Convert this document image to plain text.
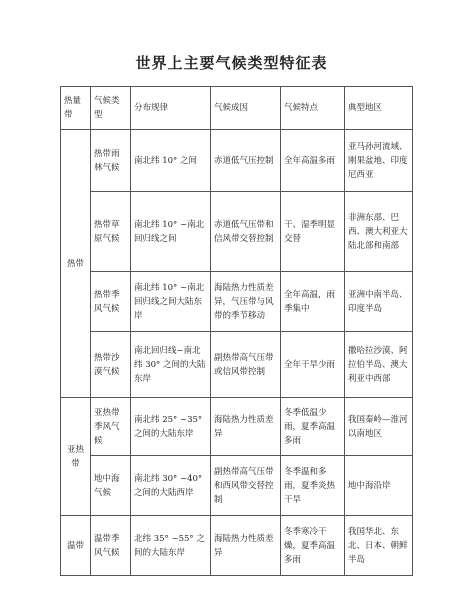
世界上主要气候类型特征表
热量带	气候类型	分布规律	气候成因	气候特点	典型地区
热带	热带雨林气候	南北纬 10° 之间	赤道低气压控制	全年高温多雨	亚马孙河流域、刚果盆地、印度尼西亚
	热带草原气候	南北纬 10° ~南北回归线之间	赤道低气压带和信风带交替控制	干、湿季明显交替	非洲东部、巴西、澳大利亚大陆北部和南部
	热带季风气候	南北纬 10° ~南北回归线之间大陆东岸	海陆热力性质差异，气压带与风带的季节移动	全年高温，雨季集中	亚洲中南半岛、印度半岛
	热带沙漠气候	南北回归线~南北纬 30° 之间的大陆东岸	副热带高气压带或信风带控制	全年干旱少雨	撒哈拉沙漠、阿拉伯半岛、澳大利亚中西部
亚热带	亚热带季风气候	南北纬 25° ~35° 之间的大陆东岸	海陆热力性质差异	冬季低温少雨，夏季高温多雨	我国秦岭—淮河以南地区
	地中海气候	南北纬 30° ~40° 之间的大陆西岸	副热带高气压带和西风带交替控制	冬季温和多雨，夏季炎热干旱	地中海沿岸
温带	温带季风气候	北纬 35° ~55° 之间的大陆东岸	海陆热力性质差异	冬季寒冷干燥，夏季高温多雨	我国华北、东北、日本、朝鲜半岛
